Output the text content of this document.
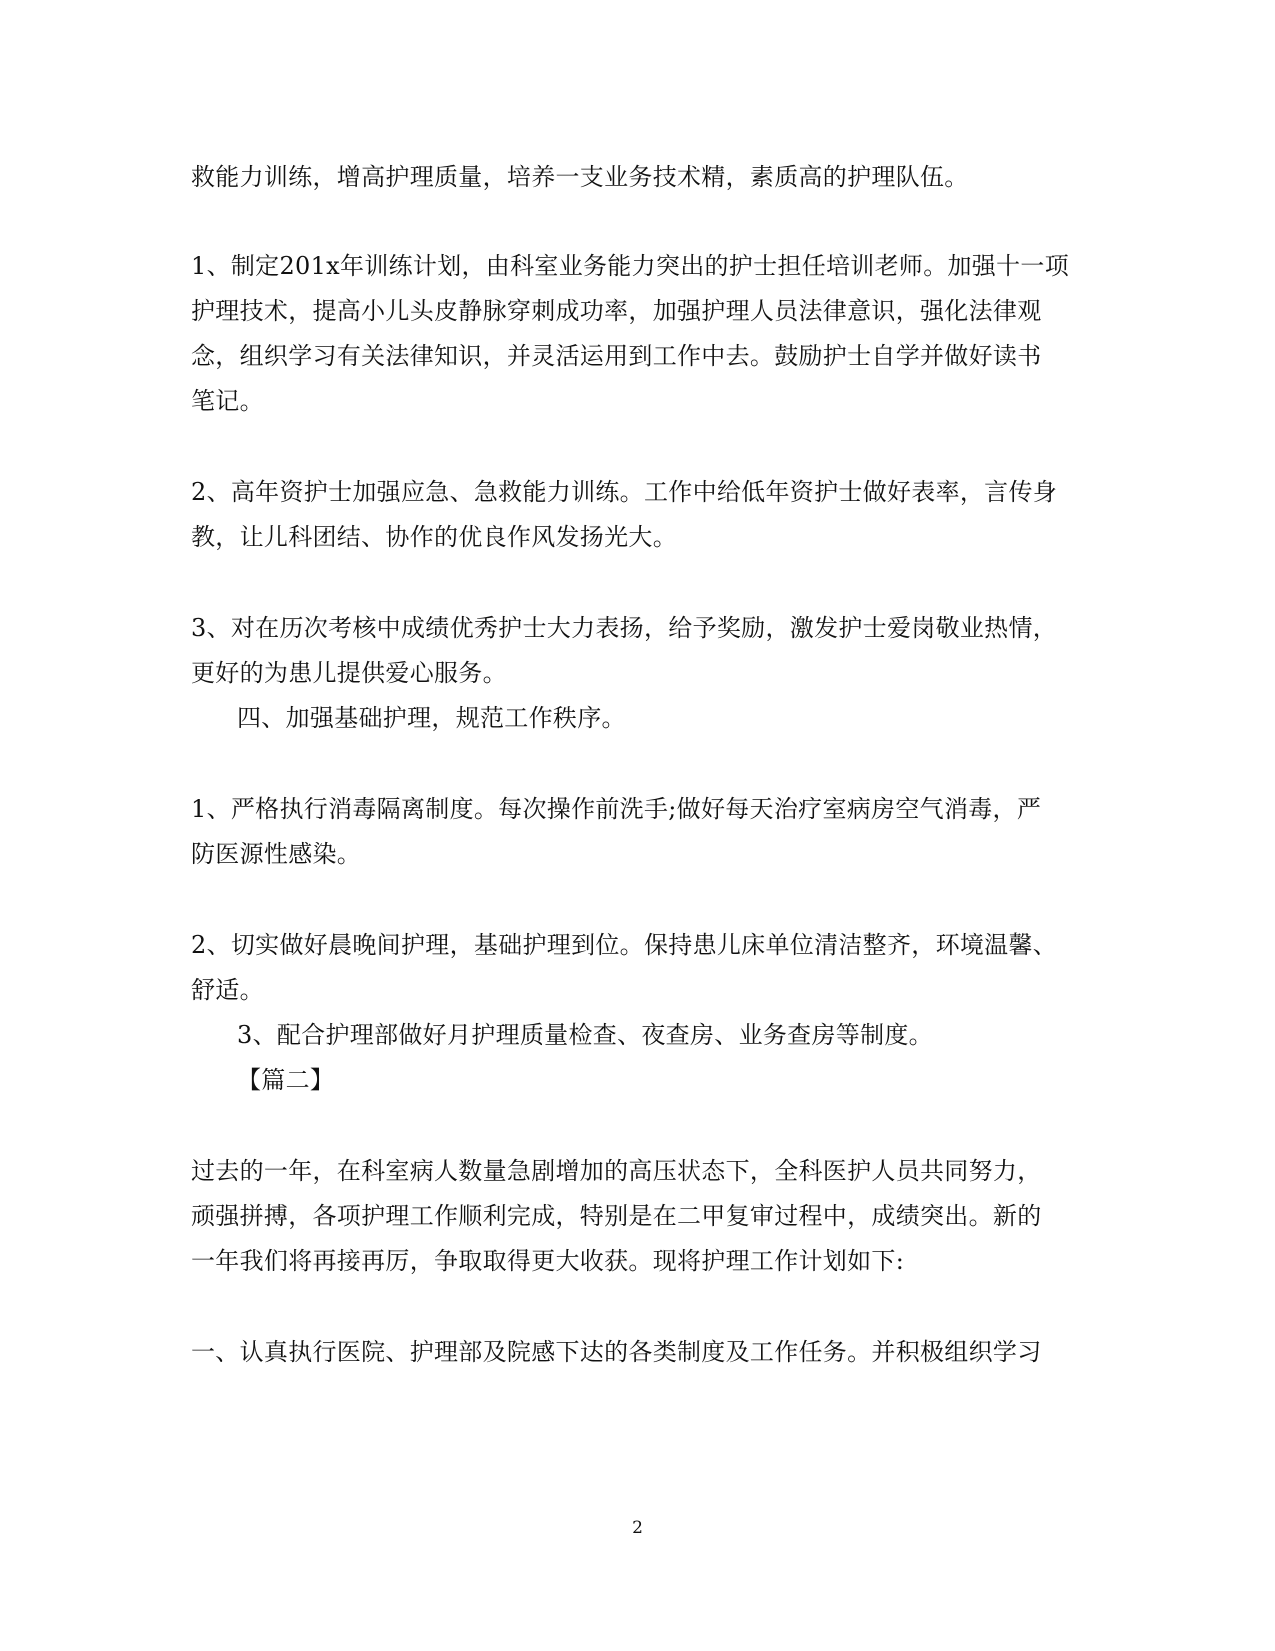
救能力训练，增高护理质量，培养一支业务技术精，素质高的护理队伍。
1、制定201x年训练计划，由科室业务能力突出的护士担任培训老师。加强十一项
护理技术，提高小儿头皮静脉穿刺成功率，加强护理人员法律意识，强化法律观
念，组织学习有关法律知识，并灵活运用到工作中去。鼓励护士自学并做好读书
笔记。
2、高年资护士加强应急、急救能力训练。工作中给低年资护士做好表率，言传身
教，让儿科团结、协作的优良作风发扬光大。
3、对在历次考核中成绩优秀护士大力表扬，给予奖励，激发护士爱岗敬业热情，
更好的为患儿提供爱心服务。
四、加强基础护理，规范工作秩序。
1、严格执行消毒隔离制度。每次操作前洗手;做好每天治疗室病房空气消毒，严
防医源性感染。
2、切实做好晨晚间护理，基础护理到位。保持患儿床单位清洁整齐，环境温馨、
舒适。
3、配合护理部做好月护理质量检查、夜查房、业务查房等制度。
【篇二】
过去的一年，在科室病人数量急剧增加的高压状态下，全科医护人员共同努力，
顽强拼搏，各项护理工作顺利完成，特别是在二甲复审过程中，成绩突出。新的
一年我们将再接再厉，争取取得更大收获。现将护理工作计划如下:
一、认真执行医院、护理部及院感下达的各类制度及工作任务。并积极组织学习
2
